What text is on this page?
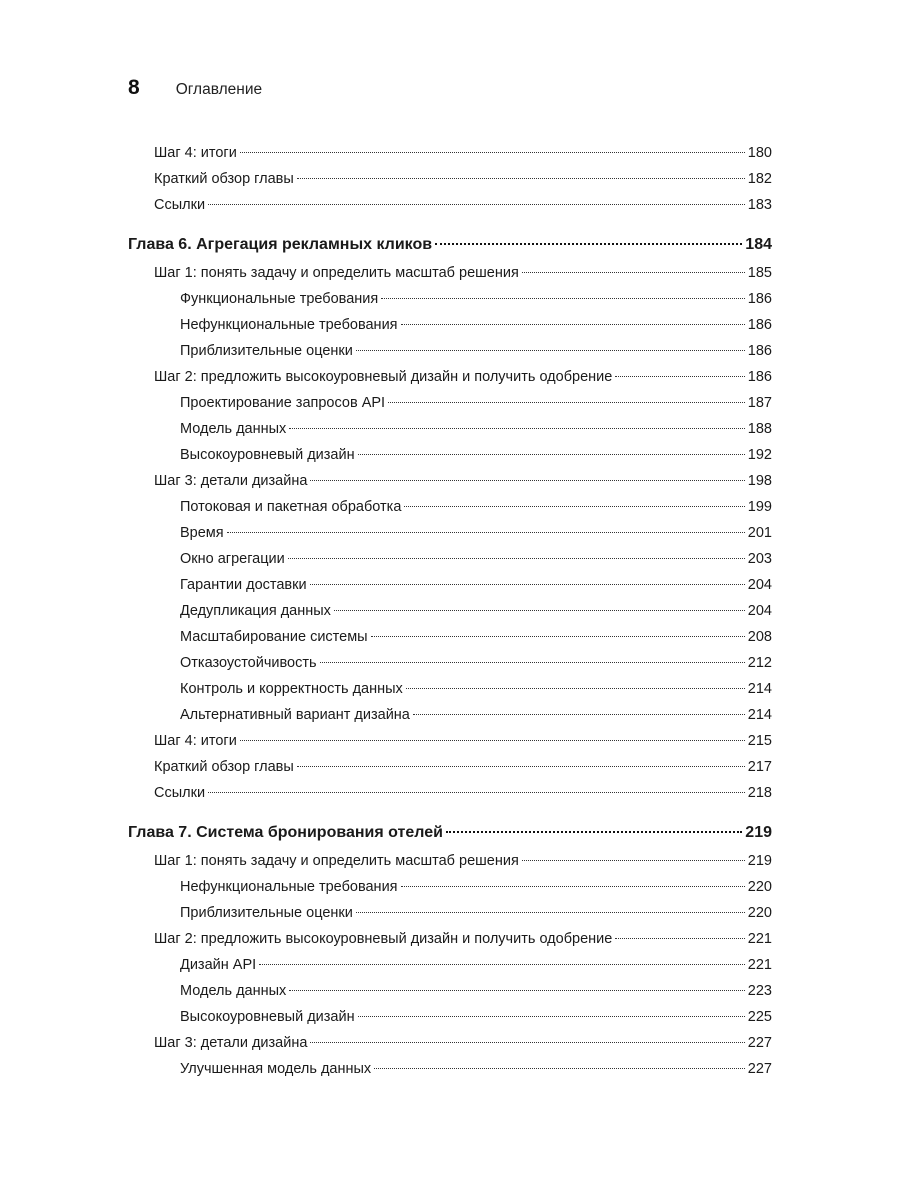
8 Оглавление
Шаг 4: итоги	180
Краткий обзор главы	182
Ссылки	183
Глава 6. Агрегация рекламных кликов	184
Шаг 1: понять задачу и определить масштаб решения	185
Функциональные требования	186
Нефункциональные требования	186
Приблизительные оценки	186
Шаг 2: предложить высокоуровневый дизайн и получить одобрение	186
Проектирование запросов API	187
Модель данных	188
Высокоуровневый дизайн	192
Шаг 3: детали дизайна	198
Потоковая и пакетная обработка	199
Время	201
Окно агрегации	203
Гарантии доставки	204
Дедупликация данных	204
Масштабирование системы	208
Отказоустойчивость	212
Контроль и корректность данных	214
Альтернативный вариант дизайна	214
Шаг 4: итоги	215
Краткий обзор главы	217
Ссылки	218
Глава 7. Система бронирования отелей	219
Шаг 1: понять задачу и определить масштаб решения	219
Нефункциональные требования	220
Приблизительные оценки	220
Шаг 2: предложить высокоуровневый дизайн и получить одобрение	221
Дизайн API	221
Модель данных	223
Высокоуровневый дизайн	225
Шаг 3: детали дизайна	227
Улучшенная модель данных	227
